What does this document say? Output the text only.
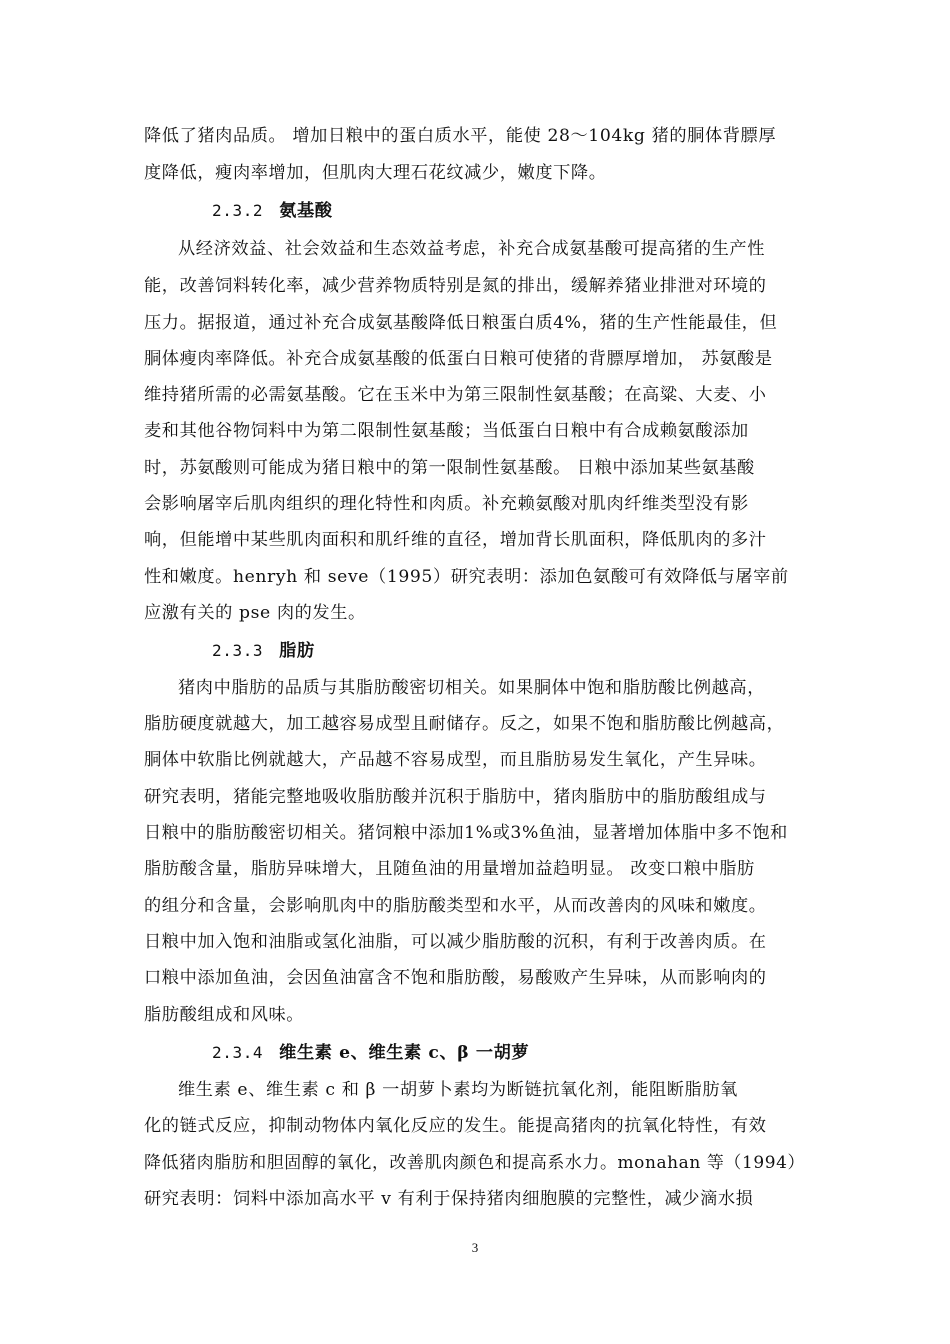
降低了猪肉品质。 增加日粮中的蛋白质水平，能使 28～104kg 猪的胴体背膘厚
度降低，瘦肉率增加，但肌肉大理石花纹减少，嫩度下降。
2.3.2 氨基酸
从经济效益、社会效益和生态效益考虑，补充合成氨基酸可提高猪的生产性
能，改善饲料转化率，减少营养物质特别是氮的排出，缓解养猪业排泄对环境的
压力。据报道，通过补充合成氨基酸降低日粮蛋白质4%，猪的生产性能最佳，但
胴体瘦肉率降低。补充合成氨基酸的低蛋白日粮可使猪的背膘厚增加， 苏氨酸是
维持猪所需的必需氨基酸。它在玉米中为第三限制性氨基酸；在高粱、大麦、小
麦和其他谷物饲料中为第二限制性氨基酸；当低蛋白日粮中有合成赖氨酸添加
时，苏氨酸则可能成为猪日粮中的第一限制性氨基酸。 日粮中添加某些氨基酸
会影响屠宰后肌肉组织的理化特性和肉质。补充赖氨酸对肌肉纤维类型没有影
响，但能增中某些肌肉面积和肌纤维的直径，增加背长肌面积，降低肌肉的多汁
性和嫩度。henryh 和 seve（1995）研究表明：添加色氨酸可有效降低与屠宰前
应激有关的 pse 肉的发生。
2.3.3 脂肪
猪肉中脂肪的品质与其脂肪酸密切相关。如果胴体中饱和脂肪酸比例越高，
脂肪硬度就越大，加工越容易成型且耐储存。反之，如果不饱和脂肪酸比例越高，
胴体中软脂比例就越大，产品越不容易成型，而且脂肪易发生氧化，产生异味。
研究表明，猪能完整地吸收脂肪酸并沉积于脂肪中，猪肉脂肪中的脂肪酸组成与
日粮中的脂肪酸密切相关。猪饲粮中添加1%或3%鱼油，显著增加体脂中多不饱和
脂肪酸含量，脂肪异味增大，且随鱼油的用量增加益趋明显。 改变口粮中脂肪
的组分和含量，会影响肌肉中的脂肪酸类型和水平，从而改善肉的风味和嫩度。
日粮中加入饱和油脂或氢化油脂，可以减少脂肪酸的沉积，有利于改善肉质。在
口粮中添加鱼油，会因鱼油富含不饱和脂肪酸，易酸败产生异味，从而影响肉的
脂肪酸组成和风味。
2.3.4 维生素 e、维生素 c、β 一胡萝
维生素 e、维生素 c 和 β 一胡萝卜素均为断链抗氧化剂，能阻断脂肪氧
化的链式反应，抑制动物体内氧化反应的发生。能提高猪肉的抗氧化特性，有效
降低猪肉脂肪和胆固醇的氧化，改善肌肉颜色和提高系水力。monahan 等（1994）
研究表明：饲料中添加高水平 v 有利于保持猪肉细胞膜的完整性，减少滴水损
3
